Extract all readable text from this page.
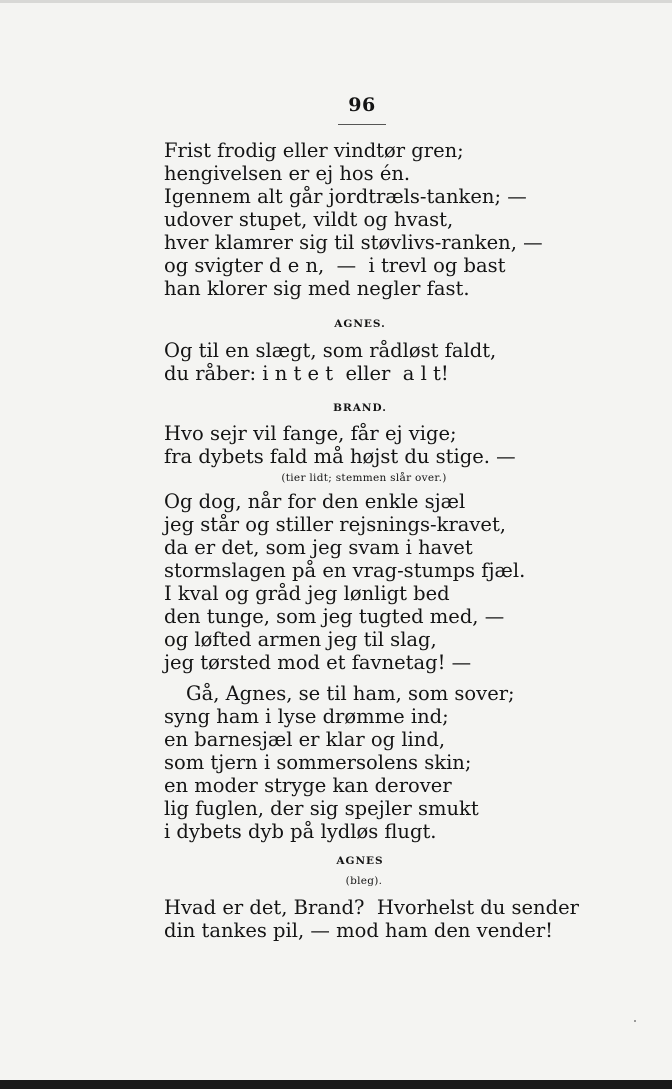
96
Frist frodig eller vindtør gren;
hengivelsen er ej hos én.
Igennem alt går jordtræls-tanken; —
udover stupet, vildt og hvast,
hver klamrer sig til støvlivs-ranken, —
og svigter d e n,  —  i trevl og bast
han klorer sig med negler fast.
AGNES.
Og til en slægt, som rådløst faldt,
du råber: i n t e t  eller  a l t!
BRAND.
Hvo sejr vil fange, får ej vige;
fra dybets fald må højst du stige. —
(tier lidt; stemmen slår over.)
Og dog, når for den enkle sjæl
jeg står og stiller rejsnings-kravet,
da er det, som jeg svam i havet
stormslagen på en vrag-stumps fjæl.
I kval og gråd jeg lønligt bed
den tunge, som jeg tugted med, —
og løfted armen jeg til slag,
jeg tørsted mod et favnetag! —
Gå, Agnes, se til ham, som sover;
syng ham i lyse drømme ind;
en barnesjæl er klar og lind,
som tjern i sommersolens skin;
en moder stryge kan derover
lig fuglen, der sig spejler smukt
i dybets dyb på lydløs flugt.
AGNES
(bleg).
Hvad er det, Brand?  Hvorhelst du sender
din tankes pil, — mod ham den vender!
